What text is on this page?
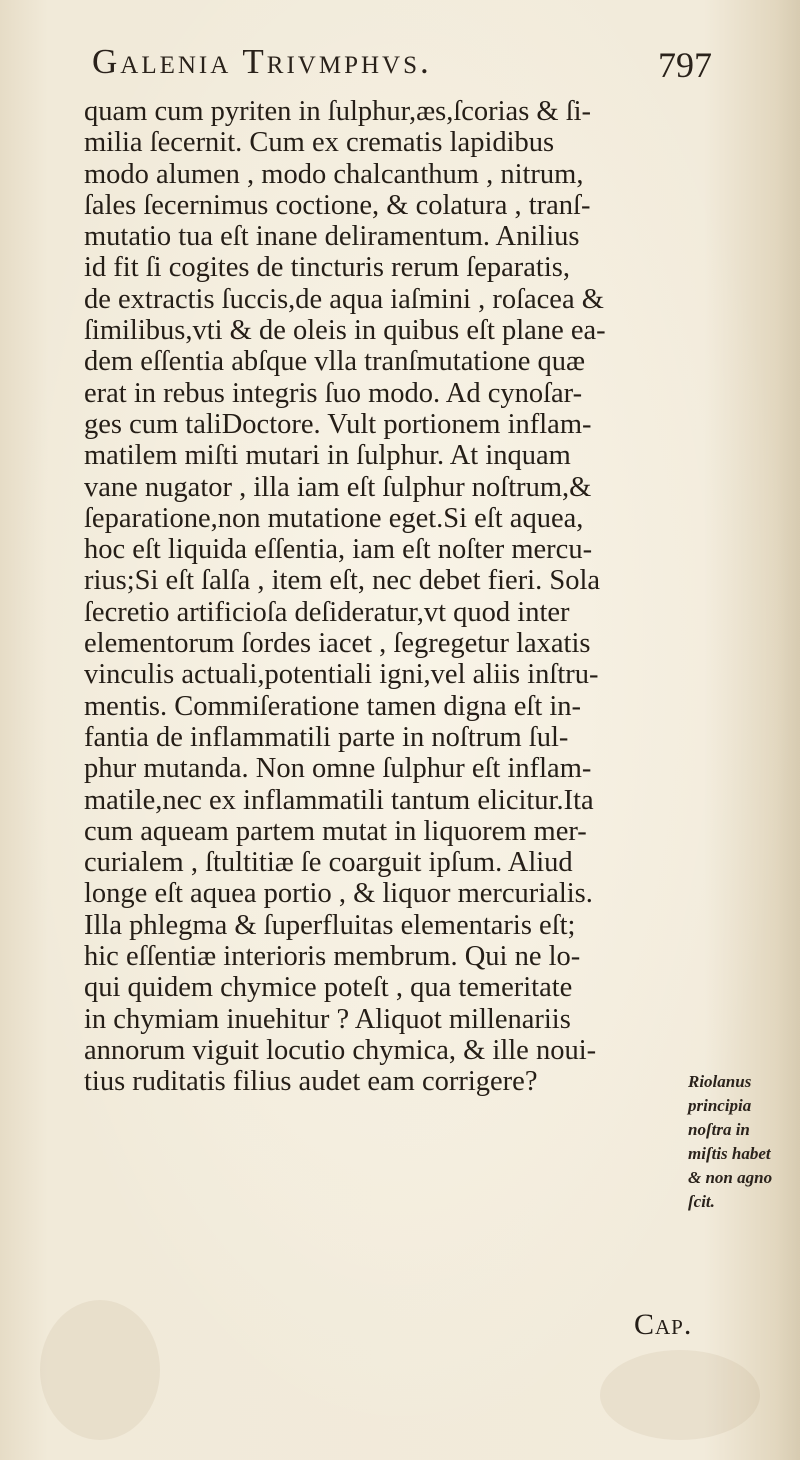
Galenia Trivmphvs.	797
quam cum pyriten in ſulphur,æs,ſcorias & ſi-
milia ſecernit. Cum ex crematis lapidibus
modo alumen , modo chalcanthum , nitrum,
ſales ſecernimus coctione, & colatura , tranſ-
mutatio tua eſt inane deliramentum. Anilius
id fit ſi cogites de tincturis rerum ſeparatis,
de extractis ſuccis,de aqua iaſmini , roſacea &
ſimilibus,vti & de oleis in quibus eſt plane ea-
dem eſſentia abſque vlla tranſmutatione quæ
erat in rebus integris ſuo modo. Ad cynoſar-
ges cum taliDoctore. Vult portionem inflam-
matilem miſti mutari in ſulphur. At inquam
vane nugator , illa iam eſt ſulphur noſtrum,&
ſeparatione,non mutatione eget.Si eſt aquea,
hoc eſt liquida eſſentia, iam eſt noſter mercu-
rius;Si eſt ſalſa , item eſt, nec debet fieri. Sola
ſecretio artificioſa deſideratur,vt quod inter
elementorum ſordes iacet , ſegregetur laxatis
vinculis actuali,potentiali igni,vel aliis inſtru-
mentis. Commiſeratione tamen digna eſt in-
fantia de inflammatili parte in noſtrum ſul-
phur mutanda. Non omne ſulphur eſt inflam-
matile,nec ex inflammatili tantum elicitur.Ita
cum aqueam partem mutat in liquorem mer-
curialem , ſtultitiæ ſe coarguit ipſum. Aliud
longe eſt aquea portio , & liquor mercurialis.
Illa phlegma & ſuperfluitas elementaris eſt;
hic eſſentiæ interioris membrum. Qui ne lo-
qui quidem chymice poteſt , qua temeritate
in chymiam inuehitur ? Aliquot millenariis
annorum viguit locutio chymica, & ille noui-
tius ruditatis filius audet eam corrigere?	Riolanus
principia
noſtra in
miſtis habet
& non agno
ſcit.
Cap.
